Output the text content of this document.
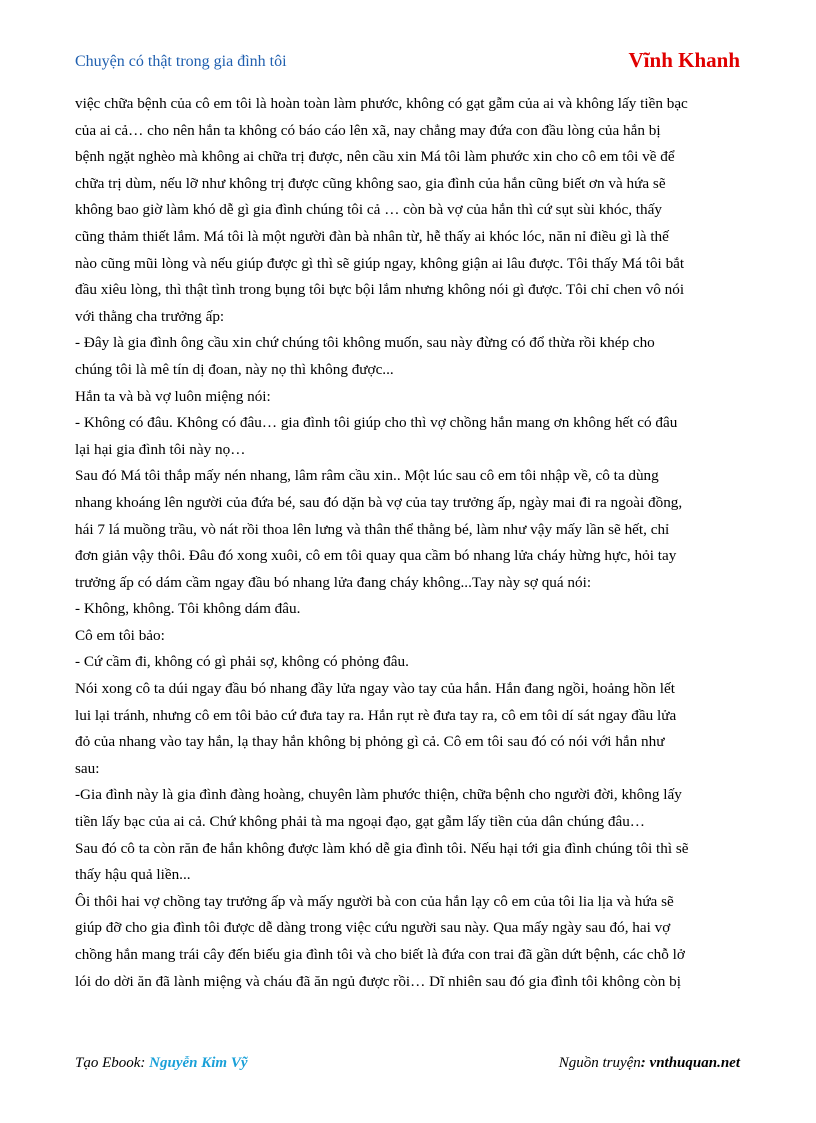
Chuyện có thật trong gia đình tôi	Vĩnh Khanh
việc chữa bệnh của cô em tôi là hoàn toàn làm phước, không có gạt gẫm của ai và không lấy tiền bạc
của ai cả… cho nên hắn ta không có báo cáo lên xã, nay chẳng may đứa con đầu lòng của hắn bị
bệnh ngặt nghèo mà không ai chữa trị được, nên cầu xin Má tôi làm phước xin cho cô em tôi về để
chữa trị dùm, nếu lỡ như không trị được cũng không sao, gia đình của hắn cũng biết ơn và hứa sẽ
không bao giờ làm khó dễ gì gia đình chúng tôi cả … còn bà vợ của hắn thì cứ sụt sùi khóc, thấy
cũng thảm thiết lắm. Má tôi là một người đàn bà nhân từ, hễ thấy ai khóc lóc, năn nỉ điều gì là thế
nào cũng mũi lòng và nếu giúp được gì thì sẽ giúp ngay, không giận ai lâu được. Tôi thấy Má tôi bắt
đầu xiêu lòng, thì thật tình trong bụng tôi bực bội lắm nhưng không nói gì được. Tôi chỉ chen vô nói
với thằng cha trưởng ấp:
- Đây là gia đình ông cầu xin chứ chúng tôi không muốn, sau này đừng có đổ thừa rồi khép cho
chúng tôi là mê tín dị đoan, này nọ thì không được...
Hắn ta và bà vợ luôn miệng nói:
- Không có đâu. Không có đâu… gia đình tôi giúp cho thì vợ chồng hắn mang ơn không hết có đâu
lại hại gia đình tôi này nọ…
Sau đó Má tôi thắp mấy nén nhang, lâm râm cầu xin.. Một lúc sau cô em tôi nhập về, cô ta dùng
nhang khoáng lên người của đứa bé, sau đó dặn bà vợ của tay trưởng ấp, ngày mai đi ra ngoài đồng,
hái 7 lá muồng trầu, vò nát rồi thoa lên lưng và thân thể thằng bé, làm như vậy mấy lần sẽ hết, chỉ
đơn giản vậy thôi. Đâu đó xong xuôi, cô em tôi quay qua cầm bó nhang lửa cháy hừng hực, hỏi tay
trưởng ấp có dám cầm ngay đầu bó nhang lửa đang cháy không...Tay này sợ quá nói:
- Không, không. Tôi không dám đâu.
Cô em tôi bảo:
- Cứ cầm đi, không có gì phải sợ, không có phỏng đâu.
Nói xong cô ta dúi ngay đầu bó nhang đầy lửa ngay vào tay của hắn. Hắn đang ngồi, hoảng hồn lết
lui lại tránh, nhưng cô em tôi bảo cứ đưa tay ra. Hắn rụt rè đưa tay ra, cô em tôi dí sát ngay đầu lửa
đỏ của nhang vào tay hắn, lạ thay hắn không bị phỏng gì cả. Cô em tôi sau đó có nói với hắn như
sau:
-Gia đình này là gia đình đàng hoàng, chuyên làm phước thiện, chữa bệnh cho người đời, không lấy
tiền lấy bạc của ai cả. Chứ không phải tà ma ngoại đạo, gạt gẫm lấy tiền của dân chúng đâu…
Sau đó cô ta còn răn đe hắn không được làm khó dễ gia đình tôi. Nếu hại tới gia đình chúng tôi thì sẽ
thấy hậu quả liền...
Ôi thôi hai vợ chồng tay trưởng ấp và mấy người bà con của hắn lạy cô em của tôi lia lịa và hứa sẽ
giúp đỡ cho gia đình tôi được dễ dàng trong việc cứu người sau này. Qua mấy ngày sau đó, hai vợ
chồng hắn mang trái cây đến biếu gia đình tôi và cho biết là đứa con trai đã gần dứt bệnh, các chỗ lở
lói do dời ăn đã lành miệng và cháu đã ăn ngủ được rồi… Dĩ nhiên sau đó gia đình tôi không còn bị
Tạo Ebook: Nguyễn Kim Vỹ	Nguồn truyện: vnthuquan.net
